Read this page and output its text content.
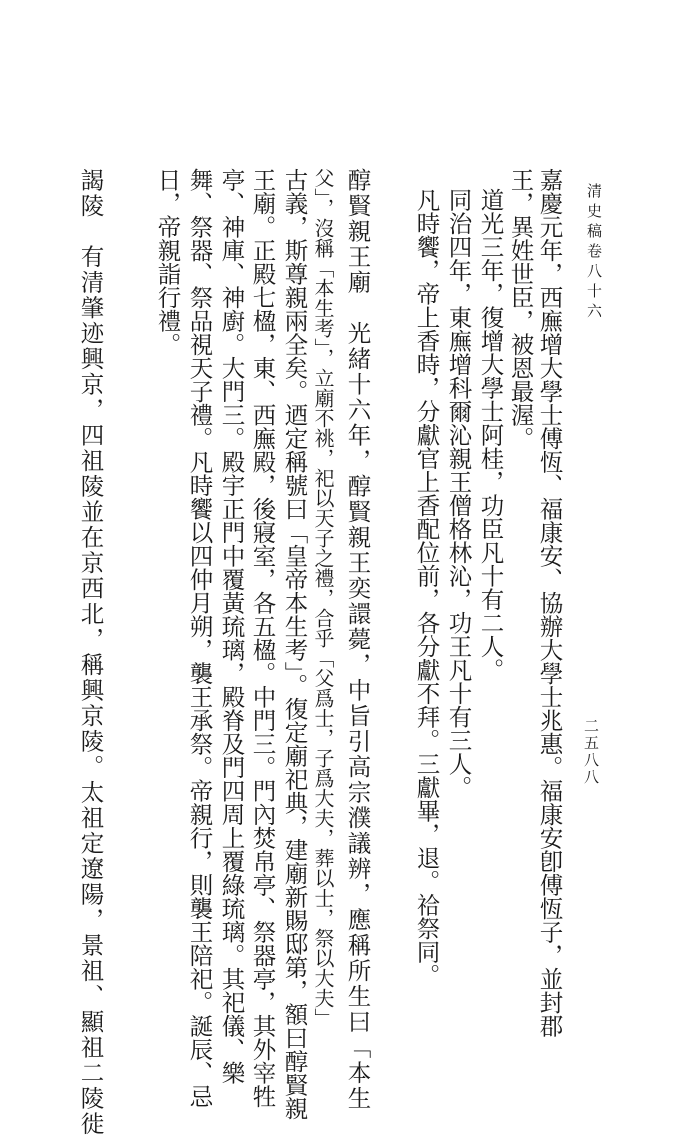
清史稿卷八十六
二五八八
嘉慶元年，西廡增大學士傅恆、福康安、協辦大學士兆惠。福康安卽傅恆子，並封郡
王，異姓世臣，被恩最渥。
道光三年，復增大學士阿桂，功臣凡十有二人。
同治四年，東廡增科爾沁親王僧格林沁，功王凡十有三人。
凡時饗，帝上香時，分獻官上香配位前，各分獻不拜。三獻畢，退。祫祭同。
醇賢親王廟　光緒十六年，醇賢親王奕譞薨，中旨引高宗濮議辨，應稱所生曰「本生
父」，沒稱「本生考」，立廟不祧，祀以天子之禮，合乎「父爲士，子爲大夫，葬以士，祭以大夫」
古義，斯尊親兩全矣。迺定稱號曰「皇帝本生考」。復定廟祀典，建廟新賜邸第，額曰醇賢親
王廟。正殿七楹，東、西廡殿，後寢室，各五楹。中門三。門內焚帛亭、祭器亭，其外宰牲
亭、神庫、神廚。大門三。殿宇正門中覆黃琉璃，殿脊及門四周上覆綠琉璃。其祀儀、樂
舞、祭器、祭品視天子禮。凡時饗以四仲月朔，襲王承祭。帝親行，則襲王陪祀。誕辰、忌
日，帝親詣行禮。
謁陵　有清肇迹興京，四祖陵並在京西北，稱興京陵。太祖定遼陽，景祖、顯祖二陵徙
